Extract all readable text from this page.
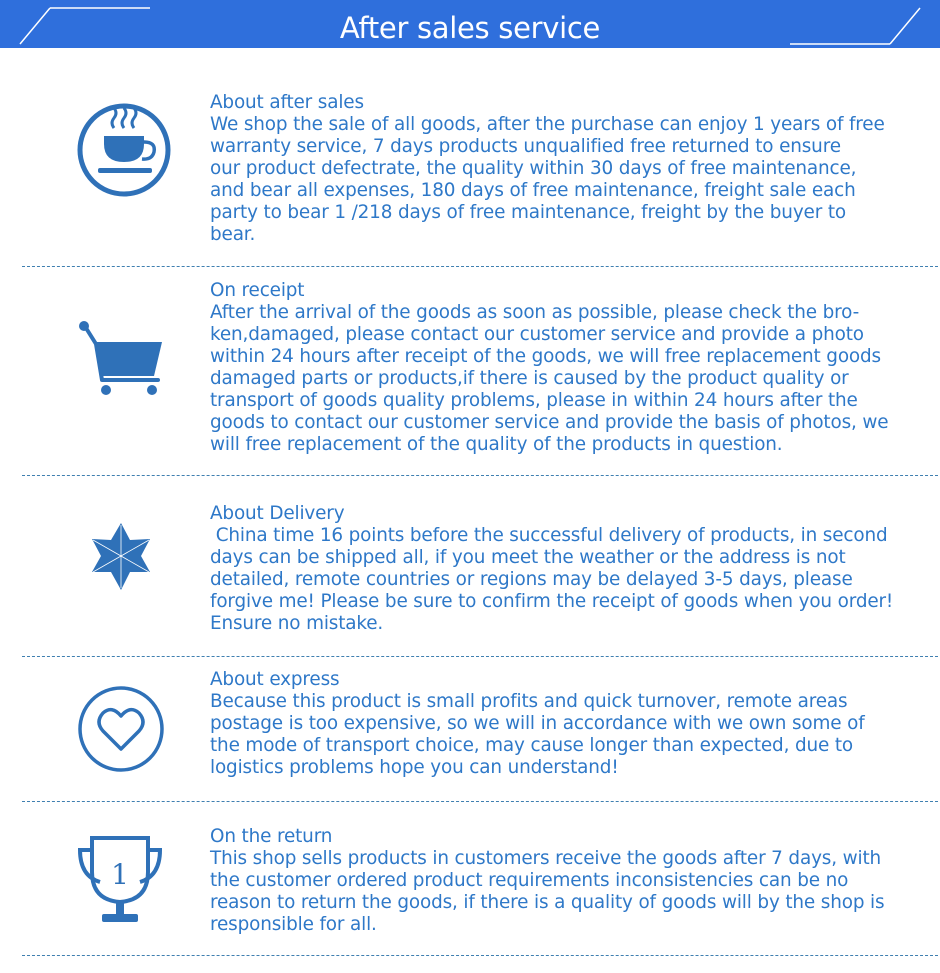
After sales service
About after sales
We shop the sale of all goods, after the purchase can enjoy 1 years of free
warranty service, 7 days products unqualified free returned to ensure
our product defectrate, the quality within 30 days of free maintenance,
and bear all expenses, 180 days of free maintenance, freight sale each
party to bear 1 /218 days of free maintenance, freight by the buyer to
bear.
On receipt
After the arrival of the goods as soon as possible, please check the bro-
ken,damaged, please contact our customer service and provide a photo
within 24 hours after receipt of the goods, we will free replacement goods
damaged parts or products,if there is caused by the product quality or
transport of goods quality problems, please in within 24 hours after the
goods to contact our customer service and provide the basis of photos, we
will free replacement of the quality of the products in question.
About Delivery
China time 16 points before the successful delivery of products, in second
days can be shipped all, if you meet the weather or the address is not
detailed, remote countries or regions may be delayed 3-5 days, please
forgive me! Please be sure to confirm the receipt of goods when you order!
Ensure no mistake.
About express
Because this product is small profits and quick turnover, remote areas
postage is too expensive, so we will in accordance with we own some of
the mode of transport choice, may cause longer than expected, due to
logistics problems hope you can understand!
1
On the return
This shop sells products in customers receive the goods after 7 days, with
the customer ordered product requirements inconsistencies can be no
reason to return the goods, if there is a quality of goods will by the shop is
responsible for all.
